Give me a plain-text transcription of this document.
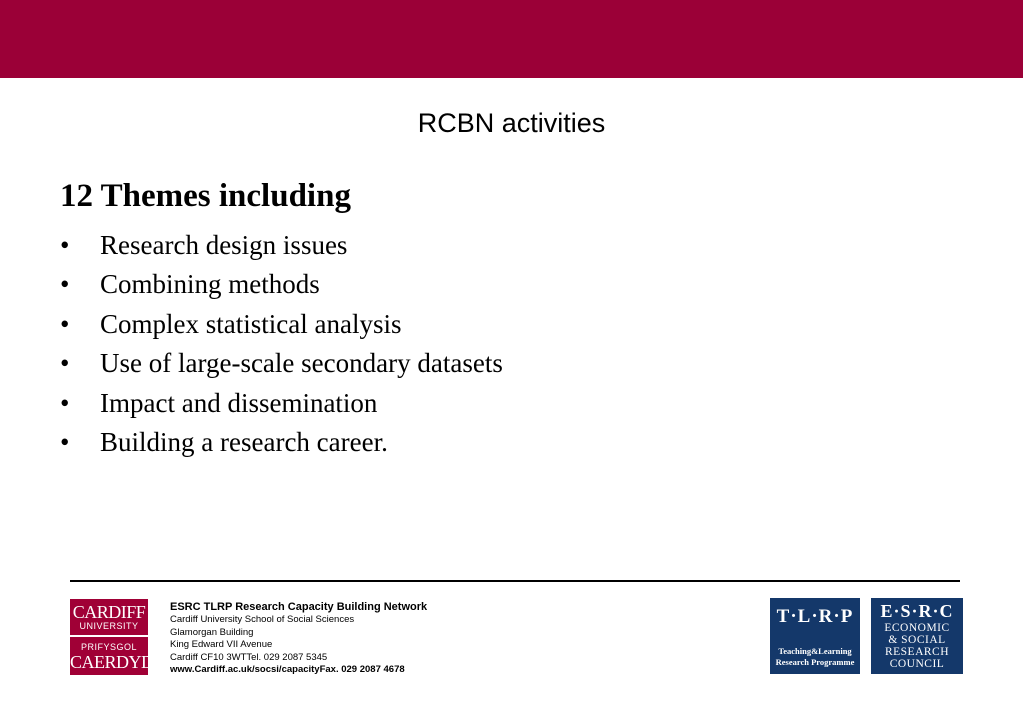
RCBN activities
12 Themes including
•	Research design issues
•	Combining methods
•	Complex statistical analysis
•	Use of large-scale secondary datasets
•	Impact and dissemination
•	Building a research career.
CARDIFF
UNIVERSITY
PRIFYSGOL
CAERDYDD
ESRC TLRP Research Capacity Building Network
Cardiff University School of Social Sciences
Glamorgan Building
King Edward VII Avenue
Cardiff CF10 3WTTel. 029 2087 5345
www.Cardiff.ac.uk/socsi/capacityFax. 029 2087 4678
T·L·R·P
Teaching&Learning
Research Programme
E·S·R·C
ECONOMIC
& SOCIAL
RESEARCH
COUNCIL
